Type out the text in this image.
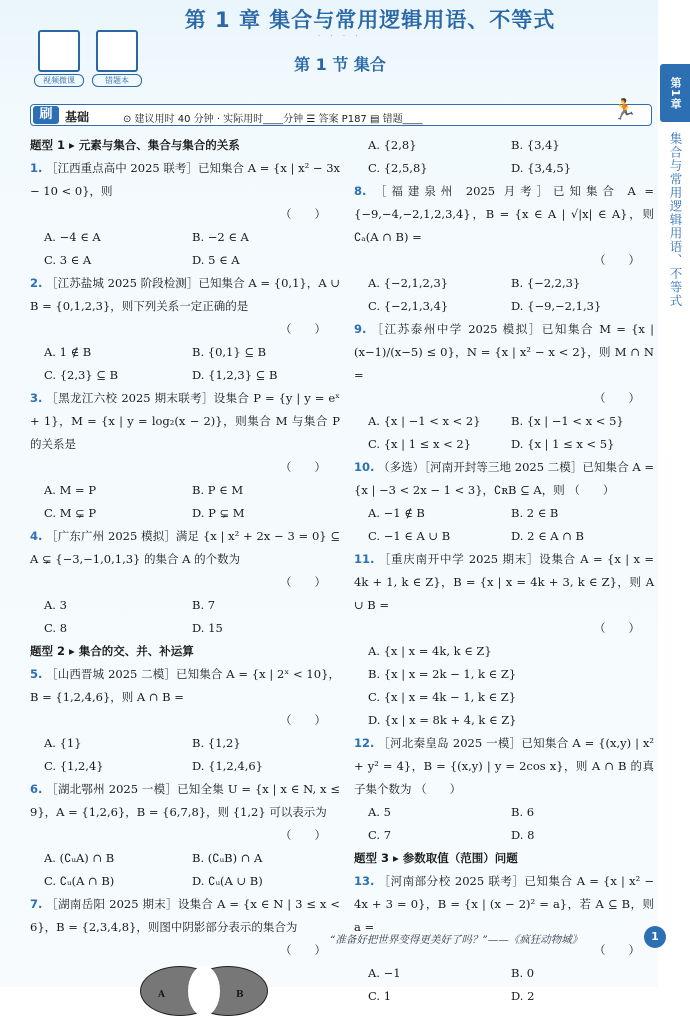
第 1 章 集合与常用逻辑用语、不等式
· · · ·
第 1 节 集合
视频微课	错题本
刷	基础	⊙ 建议用时 40 分钟 · 实际用时____分钟 ☰ 答案 P187 ▤ 错题____	🏃
题型 1 ▸ 元素与集合、集合与集合的关系
1. ［江西重点高中 2025 联考］已知集合 A = {x | x² − 3x − 10 < 0}，则
（　　）
A. −4 ∈ A	B. −2 ∈ A
C. 3 ∈ A	D. 5 ∈ A
2. ［江苏盐城 2025 阶段检测］已知集合 A = {0,1}，A ∪ B = {0,1,2,3}，则下列关系一定正确的是
（　　）
A. 1 ∉ B	B. {0,1} ⊆ B
C. {2,3} ⊆ B	D. {1,2,3} ⊆ B
3. ［黑龙江六校 2025 期末联考］设集合 P = {y | y = eˣ + 1}，M = {x | y = log₂(x − 2)}，则集合 M 与集合 P 的关系是
（　　）
A. M = P	B. P ∈ M
C. M ⊊ P	D. P ⊊ M
4. ［广东广州 2025 模拟］满足 {x | x² + 2x − 3 = 0} ⊆ A ⊊ {−3,−1,0,1,3} 的集合 A 的个数为
（　　）
A. 3	B. 7
C. 8	D. 15
题型 2 ▸ 集合的交、并、补运算
5. ［山西晋城 2025 二模］已知集合 A = {x | 2ˣ < 10}，B = {1,2,4,6}，则 A ∩ B =
（　　）
A. {1}	B. {1,2}
C. {1,2,4}	D. {1,2,4,6}
6. ［湖北鄂州 2025 一模］已知全集 U = {x | x ∈ N, x ≤ 9}，A = {1,2,6}，B = {6,7,8}，则 {1,2} 可以表示为
（　　）
A. (∁ᵤA) ∩ B	B. (∁ᵤB) ∩ A
C. ∁ᵤ(A ∩ B)	D. ∁ᵤ(A ∪ B)
7. ［湖南岳阳 2025 期末］设集合 A = {x ∈ N | 3 ≤ x < 6}，B = {2,3,4,8}，则图中阴影部分表示的集合为
（　　）
A	B
A. {2,8}	B. {3,4}
C. {2,5,8}	D. {3,4,5}
8. ［福建泉州 2025 月考］已知集合 A = {−9,−4,−2,1,2,3,4}，B = {x ∈ A | √|x| ∈ A}，则 ∁ₐ(A ∩ B) =
（　　）
A. {−2,1,2,3}	B. {−2,2,3}
C. {−2,1,3,4}	D. {−9,−2,1,3}
9. ［江苏泰州中学 2025 模拟］已知集合 M = {x | (x−1)/(x−5) ≤ 0}，N = {x | x² − x < 2}，则 M ∩ N =
（　　）
A. {x | −1 < x < 2}	B. {x | −1 < x < 5}
C. {x | 1 ≤ x < 2}	D. {x | 1 ≤ x < 5}
10. （多选）［河南开封等三地 2025 二模］已知集合 A = {x | −3 < 2x − 1 < 3}，∁ʀB ⊆ A，则 （　　）
A. −1 ∉ B	B. 2 ∈ B
C. −1 ∈ A ∪ B	D. 2 ∈ A ∩ B
11. ［重庆南开中学 2025 期末］设集合 A = {x | x = 4k + 1, k ∈ Z}，B = {x | x = 4k + 3, k ∈ Z}，则 A ∪ B =
（　　）
A. {x | x = 4k, k ∈ Z}
B. {x | x = 2k − 1, k ∈ Z}
C. {x | x = 4k − 1, k ∈ Z}
D. {x | x = 8k + 4, k ∈ Z}
12. ［河北秦皇岛 2025 一模］已知集合 A = {(x,y) | x² + y² = 4}，B = {(x,y) | y = 2cos x}，则 A ∩ B 的真子集个数为 （　　）
A. 5	B. 6
C. 7	D. 8
题型 3 ▸ 参数取值（范围）问题
13. ［河南部分校 2025 联考］已知集合 A = {x | x² − 4x + 3 = 0}，B = {x | (x − 2)² = a}，若 A ⊆ B，则 a =
（　　）
A. −1	B. 0
C. 1	D. 2
第1章
集合与常用逻辑用语、不等式
“准备好把世界变得更美好了吗？”——《疯狂动物城》	1
